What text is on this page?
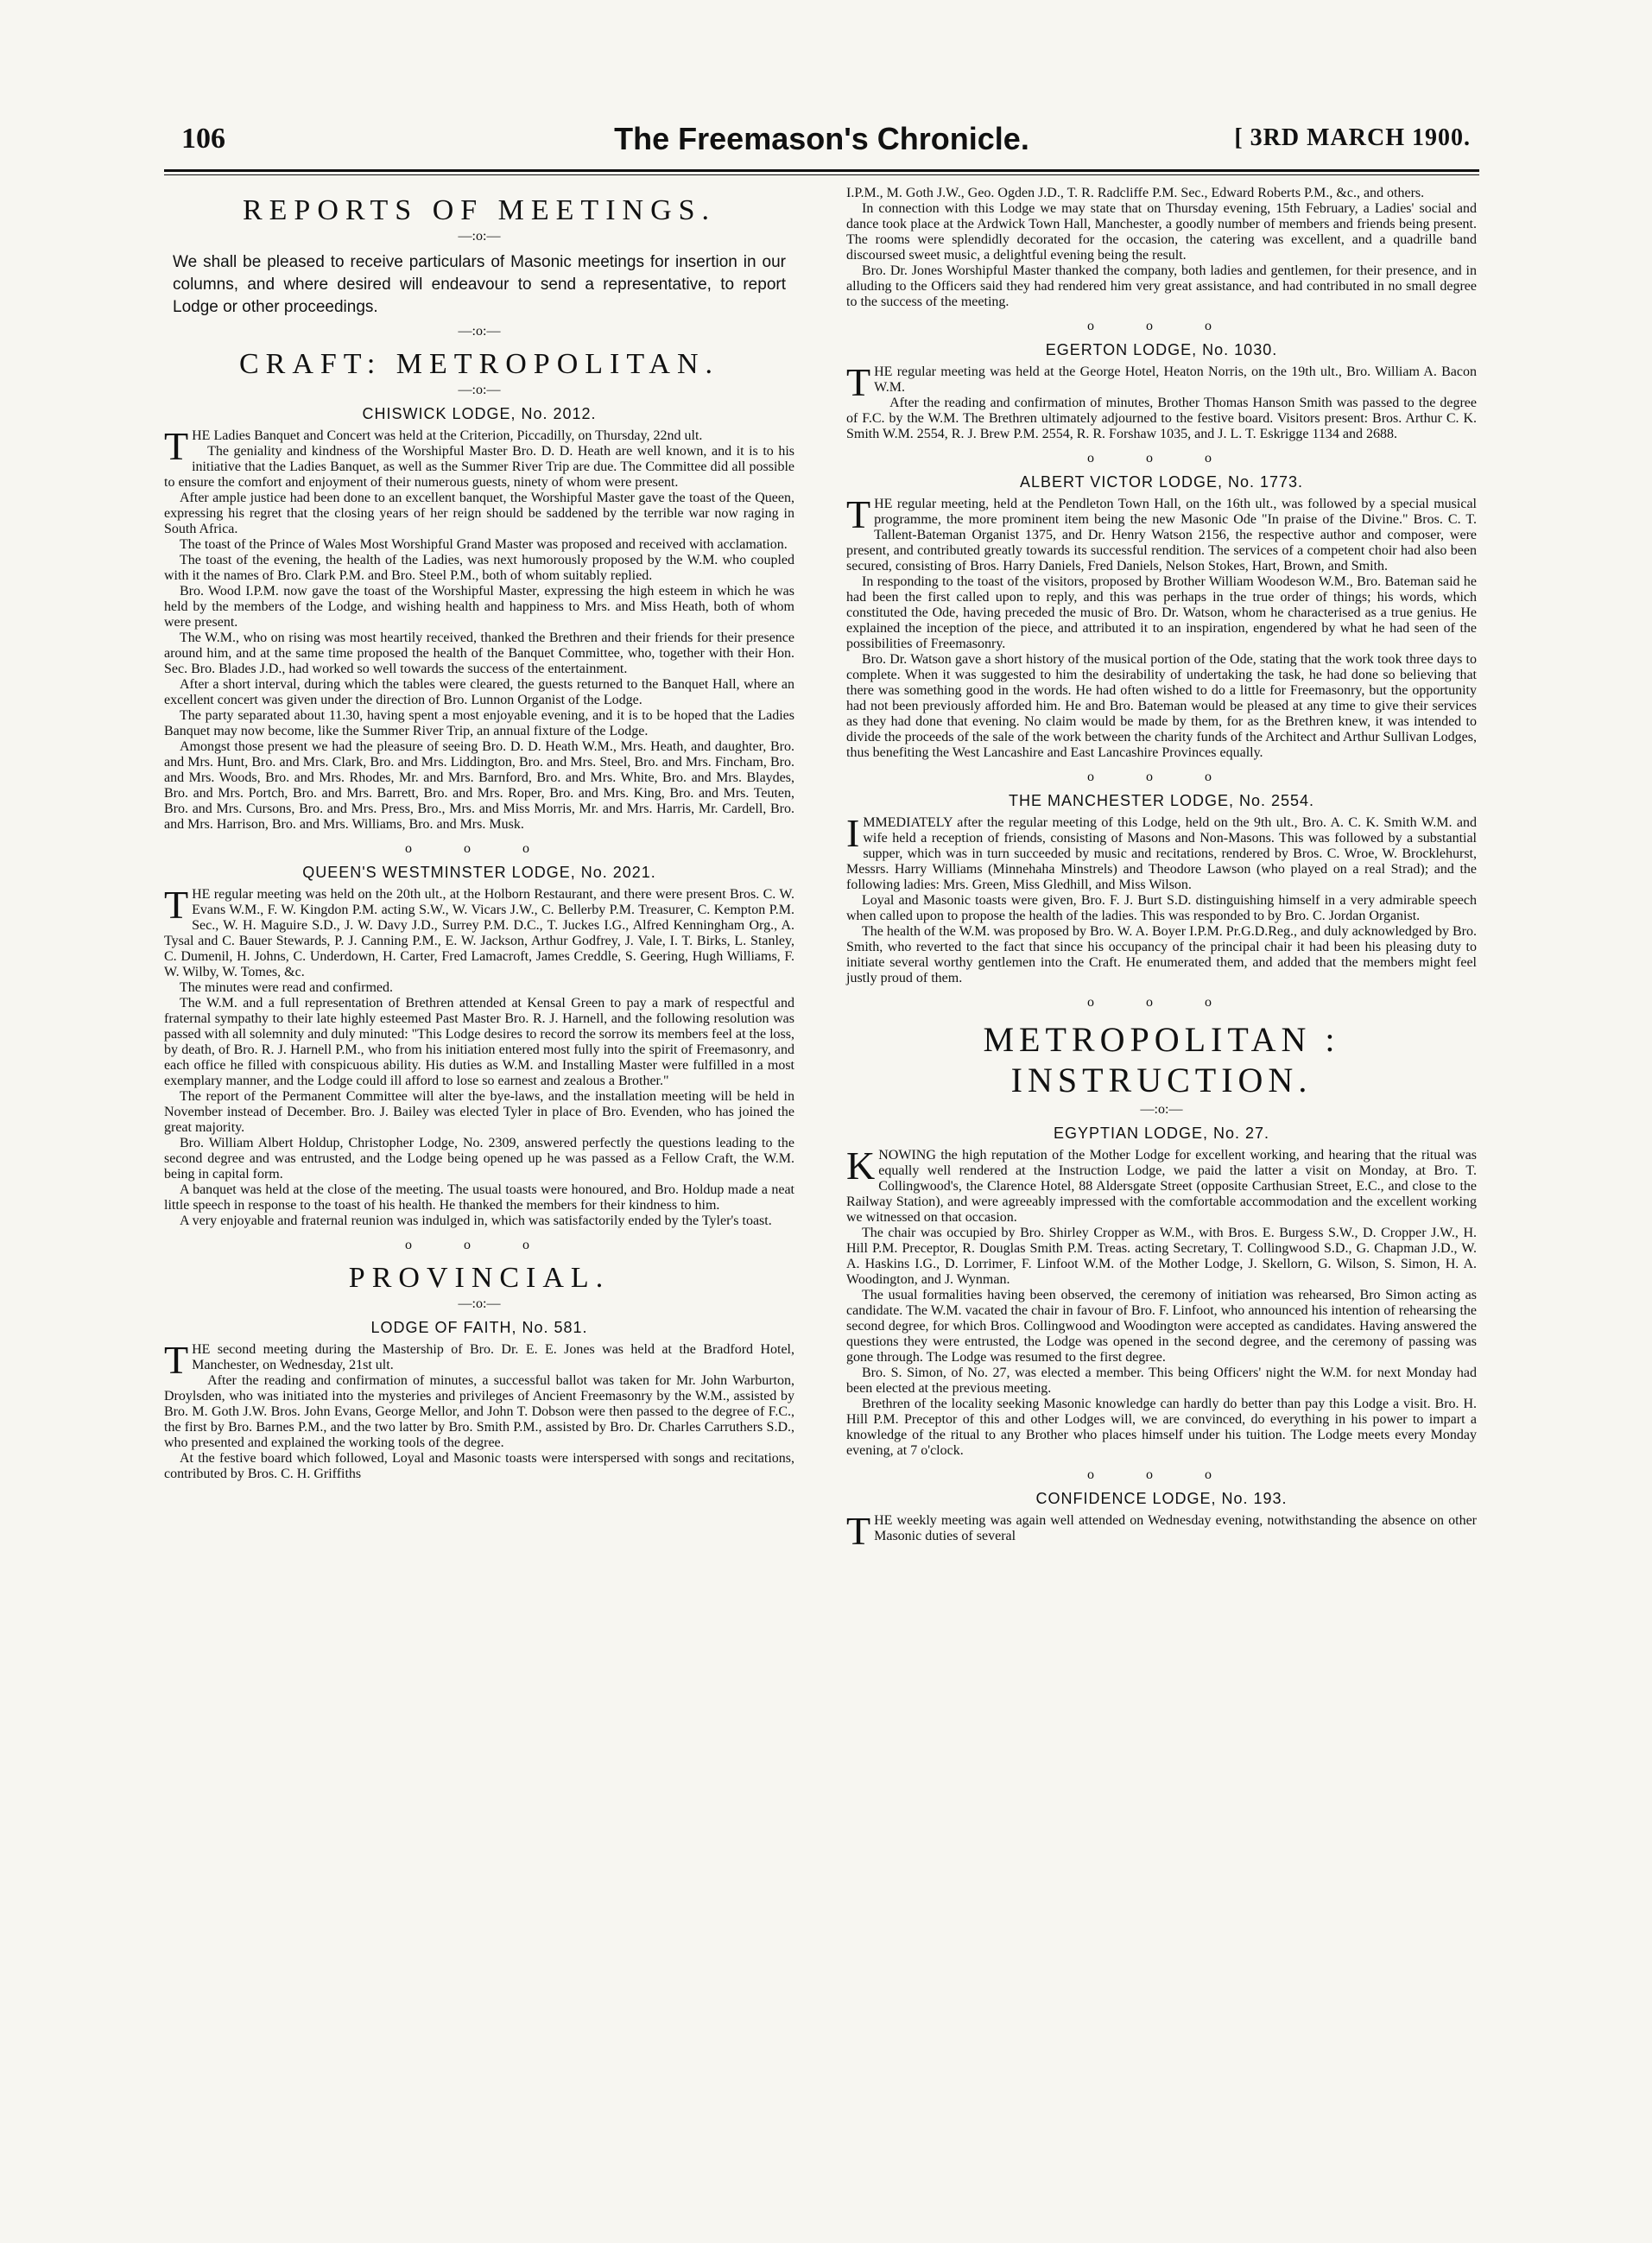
106	The Freemason's Chronicle.	[ 3RD MARCH 1900.
REPORTS OF MEETINGS.
—:o:—

We shall be pleased to receive particulars of Masonic meetings for insertion in our columns, and where desired will endeavour to send a representative, to report Lodge or other proceedings.

—:o:—
CRAFT: METROPOLITAN.
—:o:—
CHISWICK LODGE, No. 2012.
T HE Ladies Banquet and Concert was held at the Criterion, Piccadilly, on Thursday, 22nd ult.

The geniality and kindness of the Worshipful Master Bro. D. D. Heath are well known, and it is to his initiative that the Ladies Banquet, as well as the Summer River Trip are due. The Committee did all possible to ensure the comfort and enjoyment of their numerous guests, ninety of whom were present.

After ample justice had been done to an excellent banquet, the Worshipful Master gave the toast of the Queen, expressing his regret that the closing years of her reign should be saddened by the terrible war now raging in South Africa.

The toast of the Prince of Wales Most Worshipful Grand Master was proposed and received with acclamation.

The toast of the evening, the health of the Ladies, was next humorously proposed by the W.M. who coupled with it the names of Bro. Clark P.M. and Bro. Steel P.M., both of whom suitably replied.

Bro. Wood I.P.M. now gave the toast of the Worshipful Master, expressing the high esteem in which he was held by the members of the Lodge, and wishing health and happiness to Mrs. and Miss Heath, both of whom were present.

The W.M., who on rising was most heartily received, thanked the Brethren and their friends for their presence around him, and at the same time proposed the health of the Banquet Committee, who, together with their Hon. Sec. Bro. Blades J.D., had worked so well towards the success of the entertainment.

After a short interval, during which the tables were cleared, the guests returned to the Banquet Hall, where an excellent concert was given under the direction of Bro. Lunnon Organist of the Lodge.

The party separated about 11.30, having spent a most enjoyable evening, and it is to be hoped that the Ladies Banquet may now become, like the Summer River Trip, an annual fixture of the Lodge.

Amongst those present we had the pleasure of seeing Bro. D. D. Heath W.M., Mrs. Heath, and daughter, Bro. and Mrs. Hunt, Bro. and Mrs. Clark, Bro. and Mrs. Liddington, Bro. and Mrs. Steel, Bro. and Mrs. Fincham, Bro. and Mrs. Woods, Bro. and Mrs. Rhodes, Mr. and Mrs. Barnford, Bro. and Mrs. White, Bro. and Mrs. Blaydes, Bro. and Mrs. Portch, Bro. and Mrs. Barrett, Bro. and Mrs. Roper, Bro. and Mrs. King, Bro. and Mrs. Teuten, Bro. and Mrs. Cursons, Bro. and Mrs. Press, Bro., Mrs. and Miss Morris, Mr. and Mrs. Harris, Mr. Cardell, Bro. and Mrs. Harrison, Bro. and Mrs. Williams, Bro. and Mrs. Musk.

o o o
QUEEN'S WESTMINSTER LODGE, No. 2021.
T HE regular meeting was held on the 20th ult., at the Holborn Restaurant, and there were present Bros. C. W. Evans W.M., F. W. Kingdon P.M. acting S.W., W. Vicars J.W., C. Bellerby P.M. Treasurer, C. Kempton P.M. Sec., W. H. Maguire S.D., J. W. Davy J.D., Surrey P.M. D.C., T. Juckes I.G., Alfred Kenningham Org., A. Tysal and C. Bauer Stewards, P. J. Canning P.M., E. W. Jackson, Arthur Godfrey, J. Vale, I. T. Birks, L. Stanley, C. Dumenil, H. Johns, C. Underdown, H. Carter, Fred Lamacroft, James Creddle, S. Geering, Hugh Williams, F. W. Wilby, W. Tomes, &c.

The minutes were read and confirmed.

The W.M. and a full representation of Brethren attended at Kensal Green to pay a mark of respectful and fraternal sympathy to their late highly esteemed Past Master Bro. R. J. Harnell, and the following resolution was passed with all solemnity and duly minuted: "This Lodge desires to record the sorrow its members feel at the loss, by death, of Bro. R. J. Harnell P.M., who from his initiation entered most fully into the spirit of Freemasonry, and each office he filled with conspicuous ability. His duties as W.M. and Installing Master were fulfilled in a most exemplary manner, and the Lodge could ill afford to lose so earnest and zealous a Brother."

The report of the Permanent Committee will alter the bye-laws, and the installation meeting will be held in November instead of December. Bro. J. Bailey was elected Tyler in place of Bro. Evenden, who has joined the great majority.

Bro. William Albert Holdup, Christopher Lodge, No. 2309, answered perfectly the questions leading to the second degree and was entrusted, and the Lodge being opened up he was passed as a Fellow Craft, the W.M. being in capital form.

A banquet was held at the close of the meeting. The usual toasts were honoured, and Bro. Holdup made a neat little speech in response to the toast of his health. He thanked the members for their kindness to him.

A very enjoyable and fraternal reunion was indulged in, which was satisfactorily ended by the Tyler's toast.

o o o
PROVINCIAL.
—:o:—
LODGE OF FAITH, No. 581.
T HE second meeting during the Mastership of Bro. Dr. E. E. Jones was held at the Bradford Hotel, Manchester, on Wednesday, 21st ult.

After the reading and confirmation of minutes, a successful ballot was taken for Mr. John Warburton, Droylsden, who was initiated into the mysteries and privileges of Ancient Freemasonry by the W.M., assisted by Bro. M. Goth J.W. Bros. John Evans, George Mellor, and John T. Dobson were then passed to the degree of F.C., the first by Bro. Barnes P.M., and the two latter by Bro. Smith P.M., assisted by Bro. Dr. Charles Carruthers S.D., who presented and explained the working tools of the degree.

At the festive board which followed, Loyal and Masonic toasts were interspersed with songs and recitations, contributed by Bros. C. H. Griffiths

I.P.M., M. Goth J.W., Geo. Ogden J.D., T. R. Radcliffe P.M. Sec., Edward Roberts P.M., &c., and others.

In connection with this Lodge we may state that on Thursday evening, 15th February, a Ladies' social and dance took place at the Ardwick Town Hall, Manchester, a goodly number of members and friends being present. The rooms were splendidly decorated for the occasion, the catering was excellent, and a quadrille band discoursed sweet music, a delightful evening being the result.

Bro. Dr. Jones Worshipful Master thanked the company, both ladies and gentlemen, for their presence, and in alluding to the Officers said they had rendered him very great assistance, and had contributed in no small degree to the success of the meeting.

o o o
EGERTON LODGE, No. 1030.
T HE regular meeting was held at the George Hotel, Heaton Norris, on the 19th ult., Bro. William A. Bacon W.M.

After the reading and confirmation of minutes, Brother Thomas Hanson Smith was passed to the degree of F.C. by the W.M. The Brethren ultimately adjourned to the festive board. Visitors present: Bros. Arthur C. K. Smith W.M. 2554, R. J. Brew P.M. 2554, R. R. Forshaw 1035, and J. L. T. Eskrigge 1134 and 2688.

o o o
ALBERT VICTOR LODGE, No. 1773.
T HE regular meeting, held at the Pendleton Town Hall, on the 16th ult., was followed by a special musical programme, the more prominent item being the new Masonic Ode "In praise of the Divine." Bros. C. T. Tallent-Bateman Organist 1375, and Dr. Henry Watson 2156, the respective author and composer, were present, and contributed greatly towards its successful rendition. The services of a competent choir had also been secured, consisting of Bros. Harry Daniels, Fred Daniels, Nelson Stokes, Hart, Brown, and Smith.

In responding to the toast of the visitors, proposed by Brother William Woodeson W.M., Bro. Bateman said he had been the first called upon to reply, and this was perhaps in the true order of things; his words, which constituted the Ode, having preceded the music of Bro. Dr. Watson, whom he characterised as a true genius. He explained the inception of the piece, and attributed it to an inspiration, engendered by what he had seen of the possibilities of Freemasonry.

Bro. Dr. Watson gave a short history of the musical portion of the Ode, stating that the work took three days to complete. When it was suggested to him the desirability of undertaking the task, he had done so believing that there was something good in the words. He had often wished to do a little for Freemasonry, but the opportunity had not been previously afforded him. He and Bro. Bateman would be pleased at any time to give their services as they had done that evening. No claim would be made by them, for as the Brethren knew, it was intended to divide the proceeds of the sale of the work between the charity funds of the Architect and Arthur Sullivan Lodges, thus benefiting the West Lancashire and East Lancashire Provinces equally.

o o o
THE MANCHESTER LODGE, No. 2554.
I MMEDIATELY after the regular meeting of this Lodge, held on the 9th ult., Bro. A. C. K. Smith W.M. and wife held a reception of friends, consisting of Masons and Non-Masons. This was followed by a substantial supper, which was in turn succeeded by music and recitations, rendered by Bros. C. Wroe, W. Brocklehurst, Messrs. Harry Williams (Minnehaha Minstrels) and Theodore Lawson (who played on a real Strad); and the following ladies: Mrs. Green, Miss Gledhill, and Miss Wilson.

Loyal and Masonic toasts were given, Bro. F. J. Burt S.D. distinguishing himself in a very admirable speech when called upon to propose the health of the ladies. This was responded to by Bro. C. Jordan Organist.

The health of the W.M. was proposed by Bro. W. A. Boyer I.P.M. Pr.G.D.Reg., and duly acknowledged by Bro. Smith, who reverted to the fact that since his occupancy of the principal chair it had been his pleasing duty to initiate several worthy gentlemen into the Craft. He enumerated them, and added that the members might feel justly proud of them.

o o o
METROPOLITAN : INSTRUCTION.
—:o:—
EGYPTIAN LODGE, No. 27.
K NOWING the high reputation of the Mother Lodge for excellent working, and hearing that the ritual was equally well rendered at the Instruction Lodge, we paid the latter a visit on Monday, at Bro. T. Collingwood's, the Clarence Hotel, 88 Aldersgate Street (opposite Carthusian Street, E.C., and close to the Railway Station), and were agreeably impressed with the comfortable accommodation and the excellent working we witnessed on that occasion.

The chair was occupied by Bro. Shirley Cropper as W.M., with Bros. E. Burgess S.W., D. Cropper J.W., H. Hill P.M. Preceptor, R. Douglas Smith P.M. Treas. acting Secretary, T. Collingwood S.D., G. Chapman J.D., W. A. Haskins I.G., D. Lorrimer, F. Linfoot W.M. of the Mother Lodge, J. Skellorn, G. Wilson, S. Simon, H. A. Woodington, and J. Wynman.

The usual formalities having been observed, the ceremony of initiation was rehearsed, Bro Simon acting as candidate. The W.M. vacated the chair in favour of Bro. F. Linfoot, who announced his intention of rehearsing the second degree, for which Bros. Collingwood and Woodington were accepted as candidates. Having answered the questions they were entrusted, the Lodge was opened in the second degree, and the ceremony of passing was gone through. The Lodge was resumed to the first degree.

Bro. S. Simon, of No. 27, was elected a member. This being Officers' night the W.M. for next Monday had been elected at the previous meeting.

Brethren of the locality seeking Masonic knowledge can hardly do better than pay this Lodge a visit. Bro. H. Hill P.M. Preceptor of this and other Lodges will, we are convinced, do everything in his power to impart a knowledge of the ritual to any Brother who places himself under his tuition. The Lodge meets every Monday evening, at 7 o'clock.

o o o
CONFIDENCE LODGE, No. 193.
T HE weekly meeting was again well attended on Wednesday evening, notwithstanding the absence on other Masonic duties of several
